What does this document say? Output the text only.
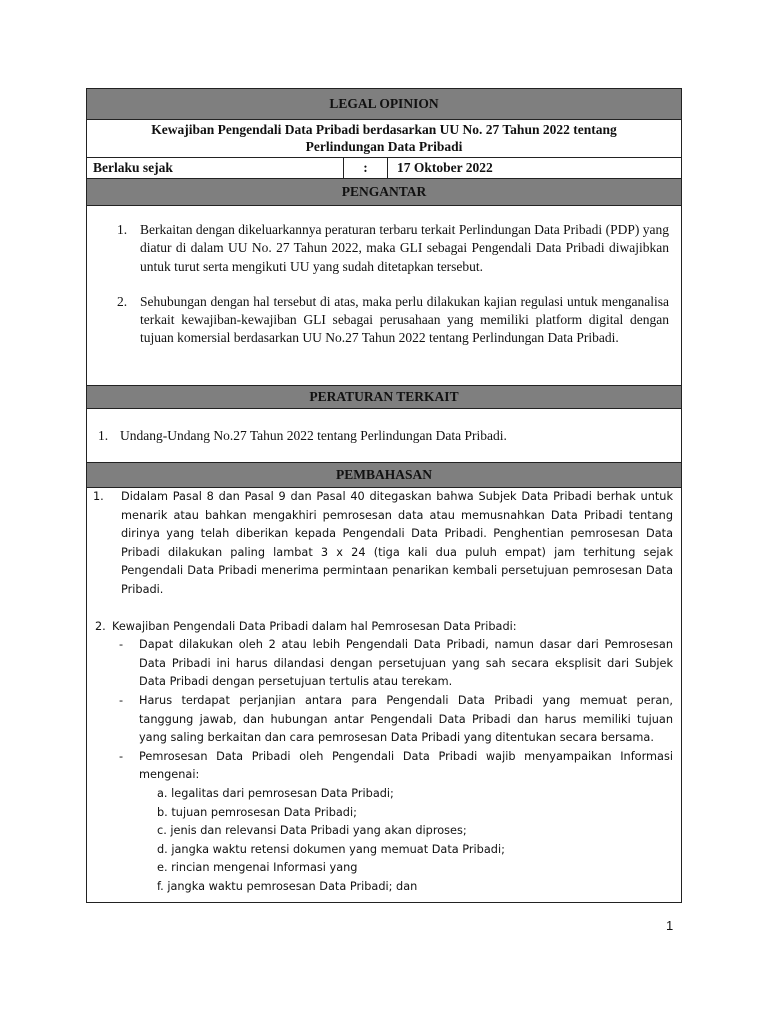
LEGAL OPINION
Kewajiban Pengendali Data Pribadi berdasarkan UU No. 27 Tahun 2022 tentang
Perlindungan Data Pribadi
Berlaku sejak	:	17 Oktober 2022
PENGANTAR
1. Berkaitan dengan dikeluarkannya peraturan terbaru terkait Perlindungan Data Pribadi (PDP) yang diatur di dalam UU No. 27 Tahun 2022, maka GLI sebagai Pengendali Data Pribadi diwajibkan untuk turut serta mengikuti UU yang sudah ditetapkan tersebut.
2. Sehubungan dengan hal tersebut di atas, maka perlu dilakukan kajian regulasi untuk menganalisa terkait kewajiban-kewajiban GLI sebagai perusahaan yang memiliki platform digital dengan tujuan komersial berdasarkan UU No.27 Tahun 2022 tentang Perlindungan Data Pribadi.
PERATURAN TERKAIT
1. Undang-Undang No.27 Tahun 2022 tentang Perlindungan Data Pribadi.
PEMBAHASAN
1. Didalam Pasal 8 dan Pasal 9 dan Pasal 40 ditegaskan bahwa Subjek Data Pribadi berhak untuk menarik atau bahkan mengakhiri pemrosesan data atau memusnahkan Data Pribadi tentang dirinya yang telah diberikan kepada Pengendali Data Pribadi. Penghentian pemrosesan Data Pribadi dilakukan paling lambat 3 x 24 (tiga kali dua puluh empat) jam terhitung sejak Pengendali Data Pribadi menerima permintaan penarikan kembali persetujuan pemrosesan Data Pribadi.
2. Kewajiban Pengendali Data Pribadi dalam hal Pemrosesan Data Pribadi:
- Dapat dilakukan oleh 2 atau lebih Pengendali Data Pribadi, namun dasar dari Pemrosesan Data Pribadi ini harus dilandasi dengan persetujuan yang sah secara eksplisit dari Subjek Data Pribadi dengan persetujuan tertulis atau terekam.
- Harus terdapat perjanjian antara para Pengendali Data Pribadi yang memuat peran, tanggung jawab, dan hubungan antar Pengendali Data Pribadi dan harus memiliki tujuan yang saling berkaitan dan cara pemrosesan Data Pribadi yang ditentukan secara bersama.
- Pemrosesan Data Pribadi oleh Pengendali Data Pribadi wajib menyampaikan Informasi mengenai:
a. legalitas dari pemrosesan Data Pribadi;
b. tujuan pemrosesan Data Pribadi;
c. jenis dan relevansi Data Pribadi yang akan diproses;
d. jangka waktu retensi dokumen yang memuat Data Pribadi;
e. rincian mengenai Informasi yang
f. jangka waktu pemrosesan Data Pribadi; dan
1
